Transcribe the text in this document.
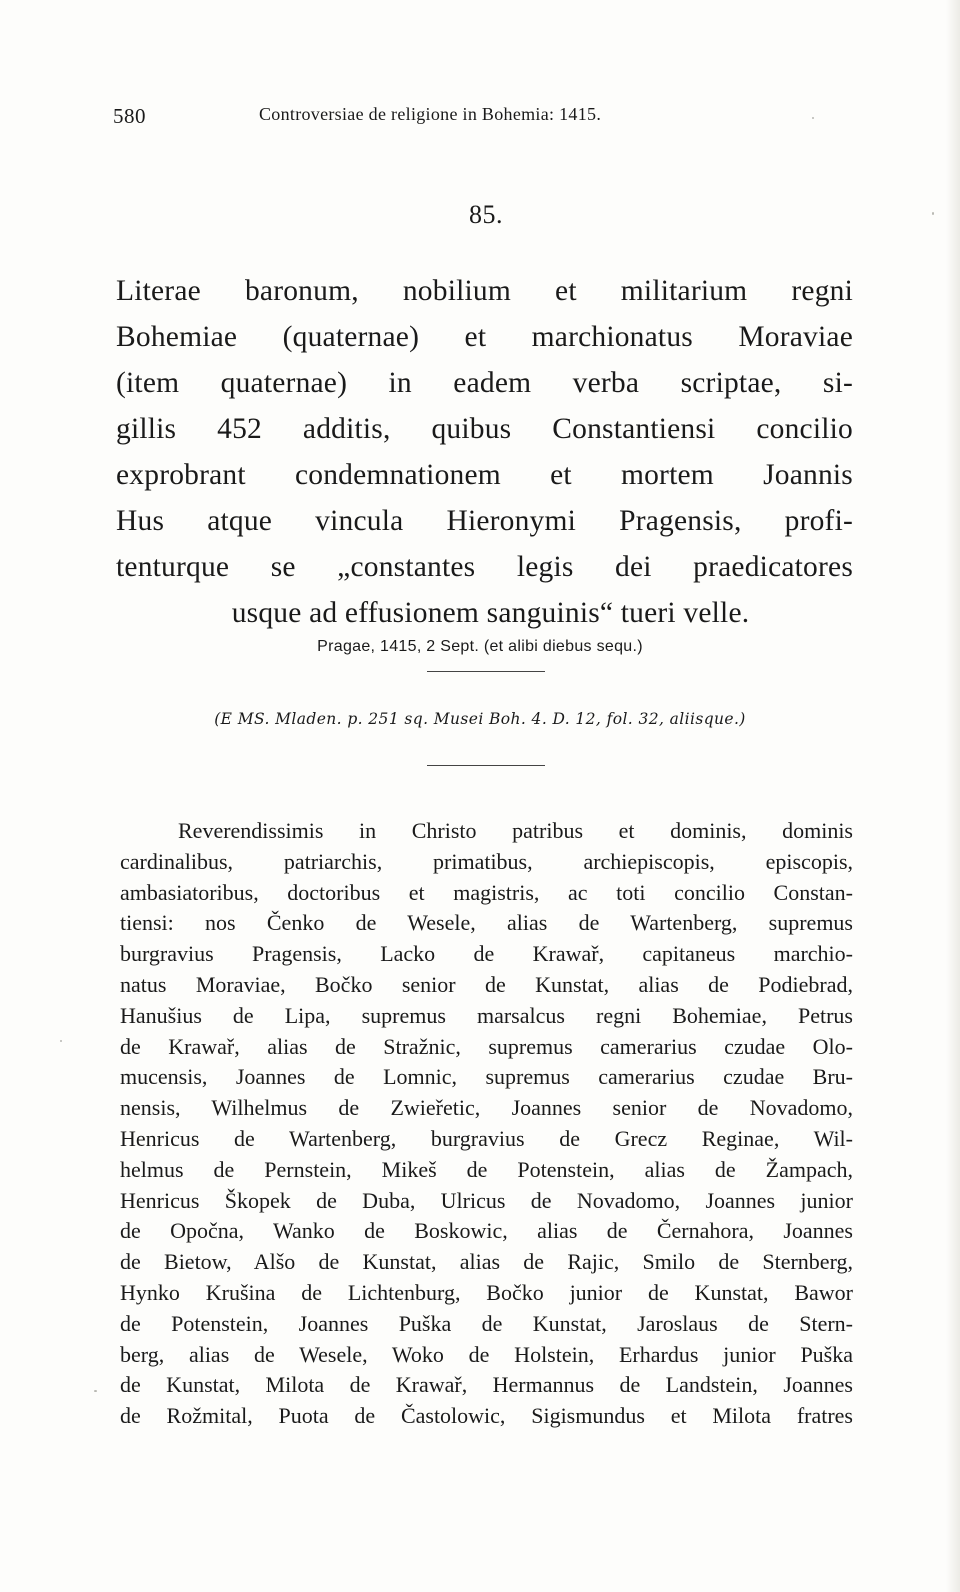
580	Controversiae de religione in Bohemia: 1415.
85.
Literae baronum, nobilium et militarium regni
Bohemiae (quaternae) et marchionatus Moraviae
(item quaternae) in eadem verba scriptae, si-
gillis 452 additis, quibus Constantiensi concilio
exprobrant condemnationem et mortem Joannis
Hus atque vincula Hieronymi Pragensis, profi-
tenturque se „constantes legis dei praedicatores
usque ad effusionem sanguinis“ tueri velle.
Pragae, 1415, 2 Sept. (et alibi diebus sequ.)
(E MS. Mladen. p. 251 sq. Musei Boh. 4. D. 12, fol. 32, aliisque.)
Reverendissimis in Christo patribus et dominis, dominis
cardinalibus, patriarchis, primatibus, archiepiscopis, episcopis,
ambasiatoribus, doctoribus et magistris, ac toti concilio Constan-
tiensi: nos Čenko de Wesele, alias de Wartenberg, supremus
burgravius Pragensis, Lacko de Krawař, capitaneus marchio-
natus Moraviae, Bočko senior de Kunstat, alias de Podiebrad,
Hanušius de Lipa, supremus marsalcus regni Bohemiae, Petrus
de Krawař, alias de Stražnic, supremus camerarius czudae Olo-
mucensis, Joannes de Lomnic, supremus camerarius czudae Bru-
nensis, Wilhelmus de Zwieřetic, Joannes senior de Novadomo,
Henricus de Wartenberg, burgravius de Grecz Reginae, Wil-
helmus de Pernstein, Mikeš de Potenstein, alias de Žampach,
Henricus Škopek de Duba, Ulricus de Novadomo, Joannes junior
de Opočna, Wanko de Boskowic, alias de Černahora, Joannes
de Bietow, Alšo de Kunstat, alias de Rajic, Smilo de Sternberg,
Hynko Krušina de Lichtenburg, Bočko junior de Kunstat, Bawor
de Potenstein, Joannes Puška de Kunstat, Jaroslaus de Stern-
berg, alias de Wesele, Woko de Holstein, Erhardus junior Puška
de Kunstat, Milota de Krawař, Hermannus de Landstein, Joannes
de Rožmital, Puota de Častolowic, Sigismundus et Milota fratres
